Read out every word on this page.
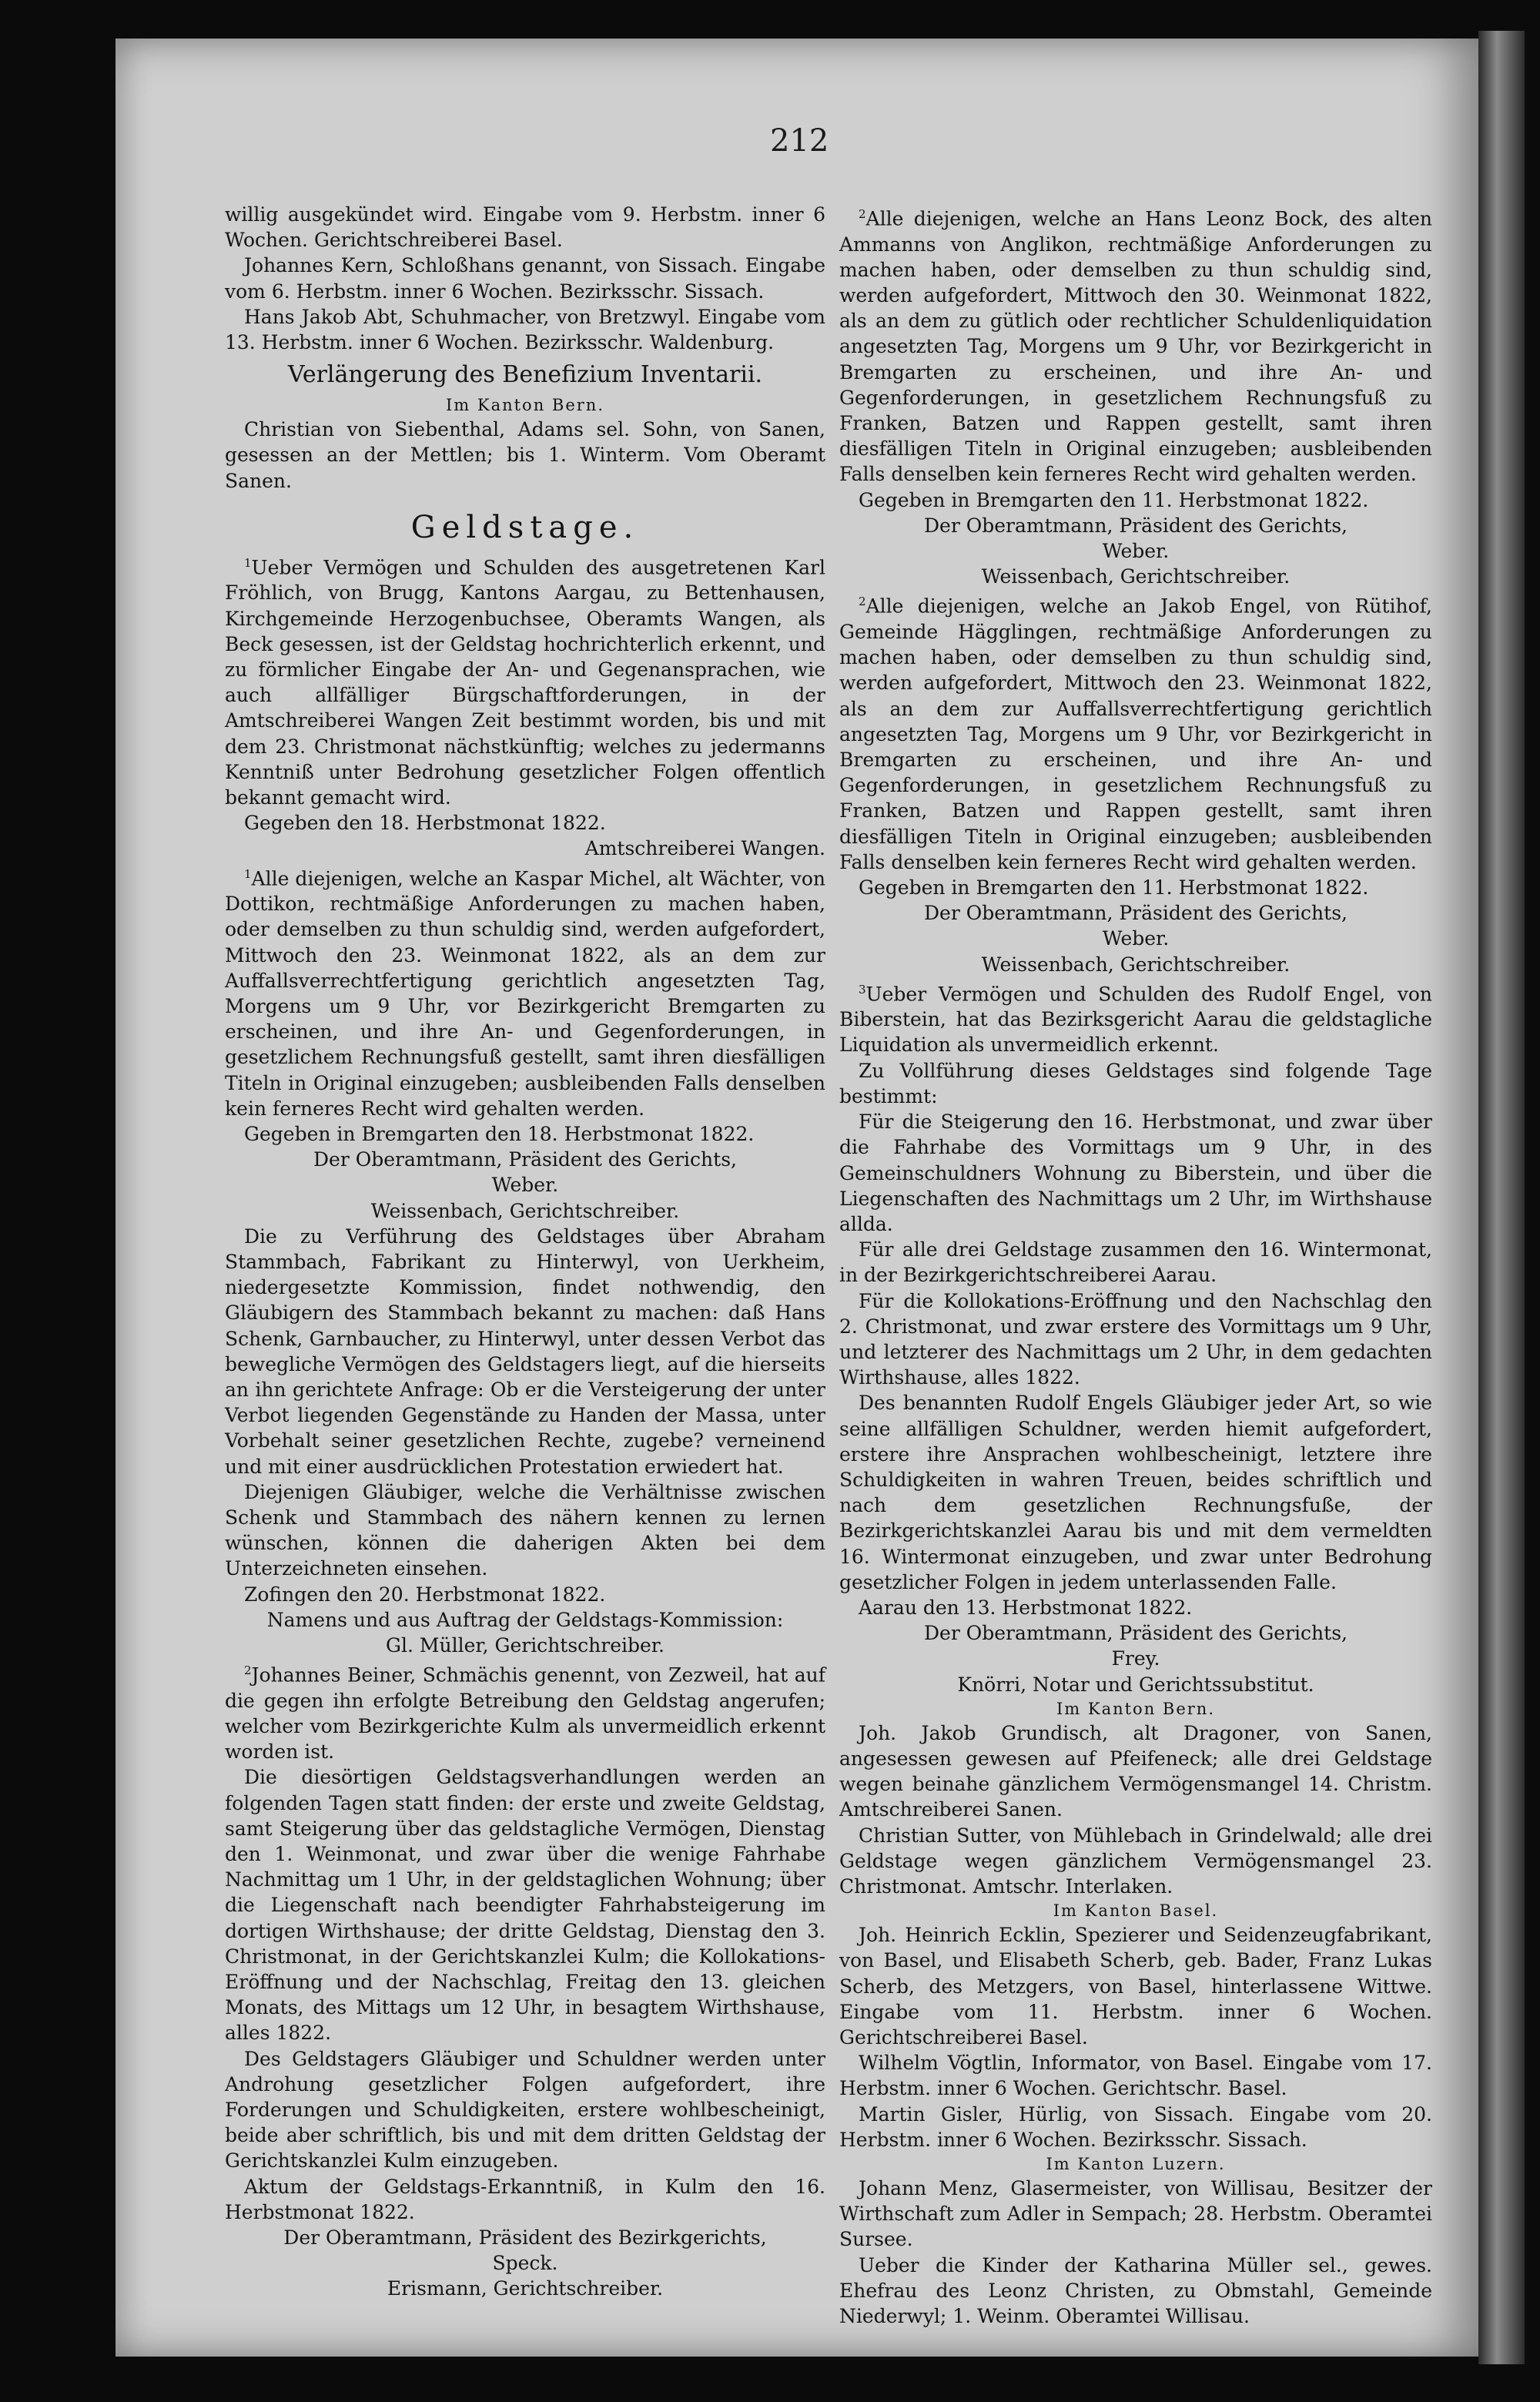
212

willig ausgekündet wird. Eingabe vom 9. Herbstm. inner 6 Wochen. Gerichtschreiberei Basel.

Johannes Kern, Schloßhans genannt, von Sissach. Eingabe vom 6. Herbstm. inner 6 Wochen. Bezirksschr. Sissach.

Hans Jakob Abt, Schuhmacher, von Bretzwyl. Eingabe vom 13. Herbstm. inner 6 Wochen. Bezirksschr. Waldenburg.

Verlängerung des Benefizium Inventarii.
Im Kanton Bern.

Christian von Siebenthal, Adams sel. Sohn, von Sanen, gesessen an der Mettlen; bis 1. Winterm. Vom Oberamt Sanen.

Geldstage.

$^1$Ueber Vermögen und Schulden des ausgetretenen Karl Fröhlich, von Brugg, Kantons Aargau, zu Bettenhausen, Kirchgemeinde Herzogenbuchsee, Oberamts Wangen, als Beck gesessen, ist der Geldstag hochrichterlich erkennt, und zu förmlicher Eingabe der An- und Gegenansprachen, wie auch allfälliger Bürgschaftforderungen, in der Amtschreiberei Wangen Zeit bestimmt worden, bis und mit dem 23. Christmonat nächstkünftig; welches zu jedermanns Kenntniß unter Bedrohung gesetzlicher Folgen offentlich bekannt gemacht wird.

Gegeben den 18. Herbstmonat 1822.

Amtschreiberei Wangen.

$^1$Alle diejenigen, welche an Kaspar Michel, alt Wächter, von Dottikon, rechtmäßige Anforderungen zu machen haben, oder demselben zu thun schuldig sind, werden aufgefordert, Mittwoch den 23. Weinmonat 1822, als an dem zur Auffallsverrechtfertigung gerichtlich angesetzten Tag, Morgens um 9 Uhr, vor Bezirkgericht Bremgarten zu erscheinen, und ihre An- und Gegenforderungen, in gesetzlichem Rechnungsfuß gestellt, samt ihren diesfälligen Titeln in Original einzugeben; ausbleibenden Falls denselben kein ferneres Recht wird gehalten werden.

Gegeben in Bremgarten den 18. Herbstmonat 1822.

Der Oberamtmann, Präsident des Gerichts,
Weber.
Weissenbach, Gerichtschreiber.

Die zu Verführung des Geldstages über Abraham Stammbach, Fabrikant zu Hinterwyl, von Uerkheim, niedergesetzte Kommission, findet nothwendig, den Gläubigern des Stammbach bekannt zu machen: daß Hans Schenk, Garnbaucher, zu Hinterwyl, unter dessen Verbot das bewegliche Vermögen des Geldstagers liegt, auf die hierseits an ihn gerichtete Anfrage: Ob er die Versteigerung der unter Verbot liegenden Gegenstände zu Handen der Massa, unter Vorbehalt seiner gesetzlichen Rechte, zugebe? verneinend und mit einer ausdrücklichen Protestation erwiedert hat.

Diejenigen Gläubiger, welche die Verhältnisse zwischen Schenk und Stammbach des nähern kennen zu lernen wünschen, können die daherigen Akten bei dem Unterzeichneten einsehen.

Zofingen den 20. Herbstmonat 1822.

Namens und aus Auftrag der Geldstags-Kommission:
Gl. Müller, Gerichtschreiber.

$^2$Johannes Beiner, Schmächis genennt, von Zezweil, hat auf die gegen ihn erfolgte Betreibung den Geldstag angerufen; welcher vom Bezirkgerichte Kulm als unvermeidlich erkennt worden ist.

Die diesörtigen Geldstagsverhandlungen werden an folgenden Tagen statt finden: der erste und zweite Geldstag, samt Steigerung über das geldstagliche Vermögen, Dienstag den 1. Weinmonat, und zwar über die wenige Fahrhabe Nachmittag um 1 Uhr, in der geldstaglichen Wohnung; über die Liegenschaft nach beendigter Fahrhabsteigerung im dortigen Wirthshause; der dritte Geldstag, Dienstag den 3. Christmonat, in der Gerichtskanzlei Kulm; die Kollokations-Eröffnung und der Nachschlag, Freitag den 13. gleichen Monats, des Mittags um 12 Uhr, in besagtem Wirthshause, alles 1822.

Des Geldstagers Gläubiger und Schuldner werden unter Androhung gesetzlicher Folgen aufgefordert, ihre Forderungen und Schuldigkeiten, erstere wohlbescheinigt, beide aber schriftlich, bis und mit dem dritten Geldstag der Gerichtskanzlei Kulm einzugeben.

Aktum der Geldstags-Erkanntniß, in Kulm den 16. Herbstmonat 1822.

Der Oberamtmann, Präsident des Bezirkgerichts,
Speck.
Erismann, Gerichtschreiber.

$^2$Alle diejenigen, welche an Hans Leonz Bock, des alten Ammanns von Anglikon, rechtmäßige Anforderungen zu machen haben, oder demselben zu thun schuldig sind, werden aufgefordert, Mittwoch den 30. Weinmonat 1822, als an dem zu gütlich oder rechtlicher Schuldenliquidation angesetzten Tag, Morgens um 9 Uhr, vor Bezirkgericht in Bremgarten zu erscheinen, und ihre An- und Gegenforderungen, in gesetzlichem Rechnungsfuß zu Franken, Batzen und Rappen gestellt, samt ihren diesfälligen Titeln in Original einzugeben; ausbleibenden Falls denselben kein ferneres Recht wird gehalten werden.

Gegeben in Bremgarten den 11. Herbstmonat 1822.

Der Oberamtmann, Präsident des Gerichts,
Weber.
Weissenbach, Gerichtschreiber.

$^2$Alle diejenigen, welche an Jakob Engel, von Rütihof, Gemeinde Hägglingen, rechtmäßige Anforderungen zu machen haben, oder demselben zu thun schuldig sind, werden aufgefordert, Mittwoch den 23. Weinmonat 1822, als an dem zur Auffallsverrechtfertigung gerichtlich angesetzten Tag, Morgens um 9 Uhr, vor Bezirkgericht in Bremgarten zu erscheinen, und ihre An- und Gegenforderungen, in gesetzlichem Rechnungsfuß zu Franken, Batzen und Rappen gestellt, samt ihren diesfälligen Titeln in Original einzugeben; ausbleibenden Falls denselben kein ferneres Recht wird gehalten werden.

Gegeben in Bremgarten den 11. Herbstmonat 1822.

Der Oberamtmann, Präsident des Gerichts,
Weber.
Weissenbach, Gerichtschreiber.

$^3$Ueber Vermögen und Schulden des Rudolf Engel, von Biberstein, hat das Bezirksgericht Aarau die geldstagliche Liquidation als unvermeidlich erkennt.

Zu Vollführung dieses Geldstages sind folgende Tage bestimmt:

Für die Steigerung den 16. Herbstmonat, und zwar über die Fahrhabe des Vormittags um 9 Uhr, in des Gemeinschuldners Wohnung zu Biberstein, und über die Liegenschaften des Nachmittags um 2 Uhr, im Wirthshause allda.

Für alle drei Geldstage zusammen den 16. Wintermonat, in der Bezirkgerichtschreiberei Aarau.

Für die Kollokations-Eröffnung und den Nachschlag den 2. Christmonat, und zwar erstere des Vormittags um 9 Uhr, und letzterer des Nachmittags um 2 Uhr, in dem gedachten Wirthshause, alles 1822.

Des benannten Rudolf Engels Gläubiger jeder Art, so wie seine allfälligen Schuldner, werden hiemit aufgefordert, erstere ihre Ansprachen wohlbescheinigt, letztere ihre Schuldigkeiten in wahren Treuen, beides schriftlich und nach dem gesetzlichen Rechnungsfuße, der Bezirkgerichtskanzlei Aarau bis und mit dem vermeldten 16. Wintermonat einzugeben, und zwar unter Bedrohung gesetzlicher Folgen in jedem unterlassenden Falle.

Aarau den 13. Herbstmonat 1822.

Der Oberamtmann, Präsident des Gerichts,
Frey.
Knörri, Notar und Gerichtssubstitut.
Im Kanton Bern.

Joh. Jakob Grundisch, alt Dragoner, von Sanen, angesessen gewesen auf Pfeifeneck; alle drei Geldstage wegen beinahe gänzlichem Vermögensmangel 14. Christm. Amtschreiberei Sanen.

Christian Sutter, von Mühlebach in Grindelwald; alle drei Geldstage wegen gänzlichem Vermögensmangel 23. Christmonat. Amtschr. Interlaken.

Im Kanton Basel.

Joh. Heinrich Ecklin, Spezierer und Seidenzeugfabrikant, von Basel, und Elisabeth Scherb, geb. Bader, Franz Lukas Scherb, des Metzgers, von Basel, hinterlassene Wittwe. Eingabe vom 11. Herbstm. inner 6 Wochen. Gerichtschreiberei Basel.

Wilhelm Vögtlin, Informator, von Basel. Eingabe vom 17. Herbstm. inner 6 Wochen. Gerichtschr. Basel.

Martin Gisler, Hürlig, von Sissach. Eingabe vom 20. Herbstm. inner 6 Wochen. Bezirksschr. Sissach.

Im Kanton Luzern.

Johann Menz, Glasermeister, von Willisau, Besitzer der Wirthschaft zum Adler in Sempach; 28. Herbstm. Oberamtei Sursee.

Ueber die Kinder der Katharina Müller sel., gewes. Ehefrau des Leonz Christen, zu Obmstahl, Gemeinde Niederwyl; 1. Weinm. Oberamtei Willisau.
